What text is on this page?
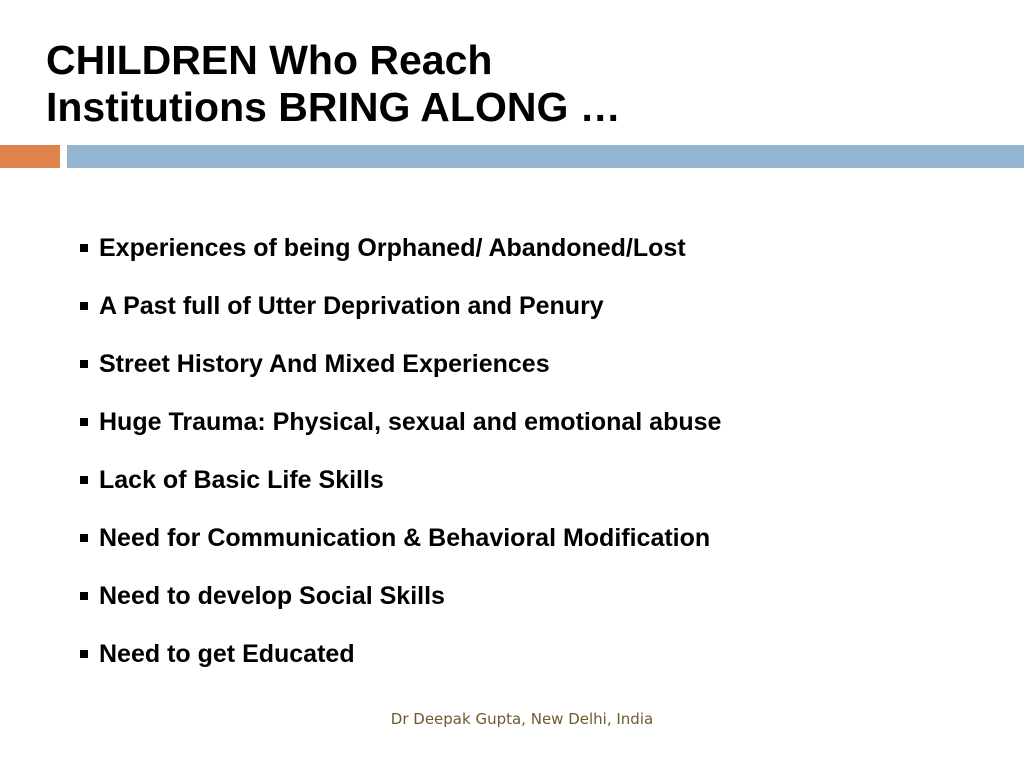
CHILDREN Who Reach
Institutions BRING ALONG …
Experiences of being Orphaned/ Abandoned/Lost
A Past full of Utter Deprivation and Penury
Street History And Mixed Experiences
Huge Trauma: Physical, sexual and emotional abuse
Lack of Basic Life Skills
Need for Communication & Behavioral Modification
Need to develop Social Skills
Need to get Educated
Dr Deepak Gupta, New Delhi, India
